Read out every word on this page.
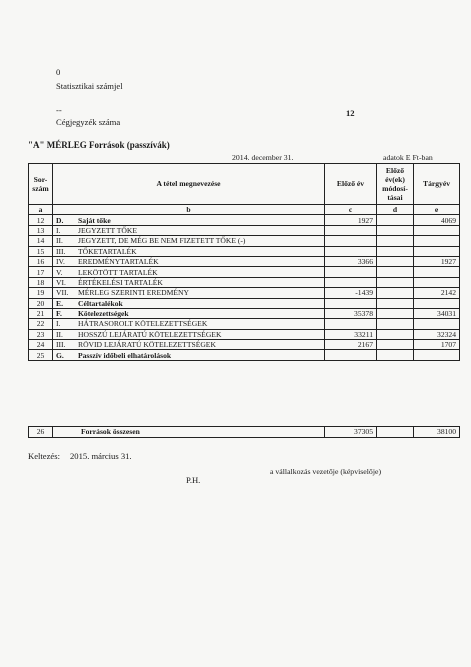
0
Statisztikai számjel
--
Cégjegyzék száma
12
"A" MÉRLEG Források (passzívák)
2014. december 31.	adatok E Ft-ban
Sor-szám	A tétel megnevezése	Előző év	Előző év(ek) módosí-tásai	Tárgyév
a	b	c	d	e
12	D. Saját tőke	1927		4069
13	I. JEGYZETT TŐKE			
14	II. JEGYZETT, DE MÉG BE NEM FIZETETT TŐKE (-)			
15	III. TŐKETARTALÉK			
16	IV. EREDMÉNYTARTALÉK	3366		1927
17	V. LEKÖTÖTT TARTALÉK			
18	VI. ÉRTÉKELÉSI TARTALÉK			
19	VII. MÉRLEG SZERINTI EREDMÉNY	-1439		2142
20	E. Céltartalékok			
21	F. Kötelezettségek	35378		34031
22	I. HÁTRASOROLT KÖTELEZETTSÉGEK			
23	II. HOSSZÚ LEJÁRATÚ KÖTELEZETTSÉGEK	33211		32324
24	III. RÖVID LEJÁRATÚ KÖTELEZETTSÉGEK	2167		1707
25	G. Passzív időbeli elhatárolások			
26	Források összesen	37305		38100
Keltezés: 2015. március 31.
a vállalkozás vezetője (képviselője)
P.H.
